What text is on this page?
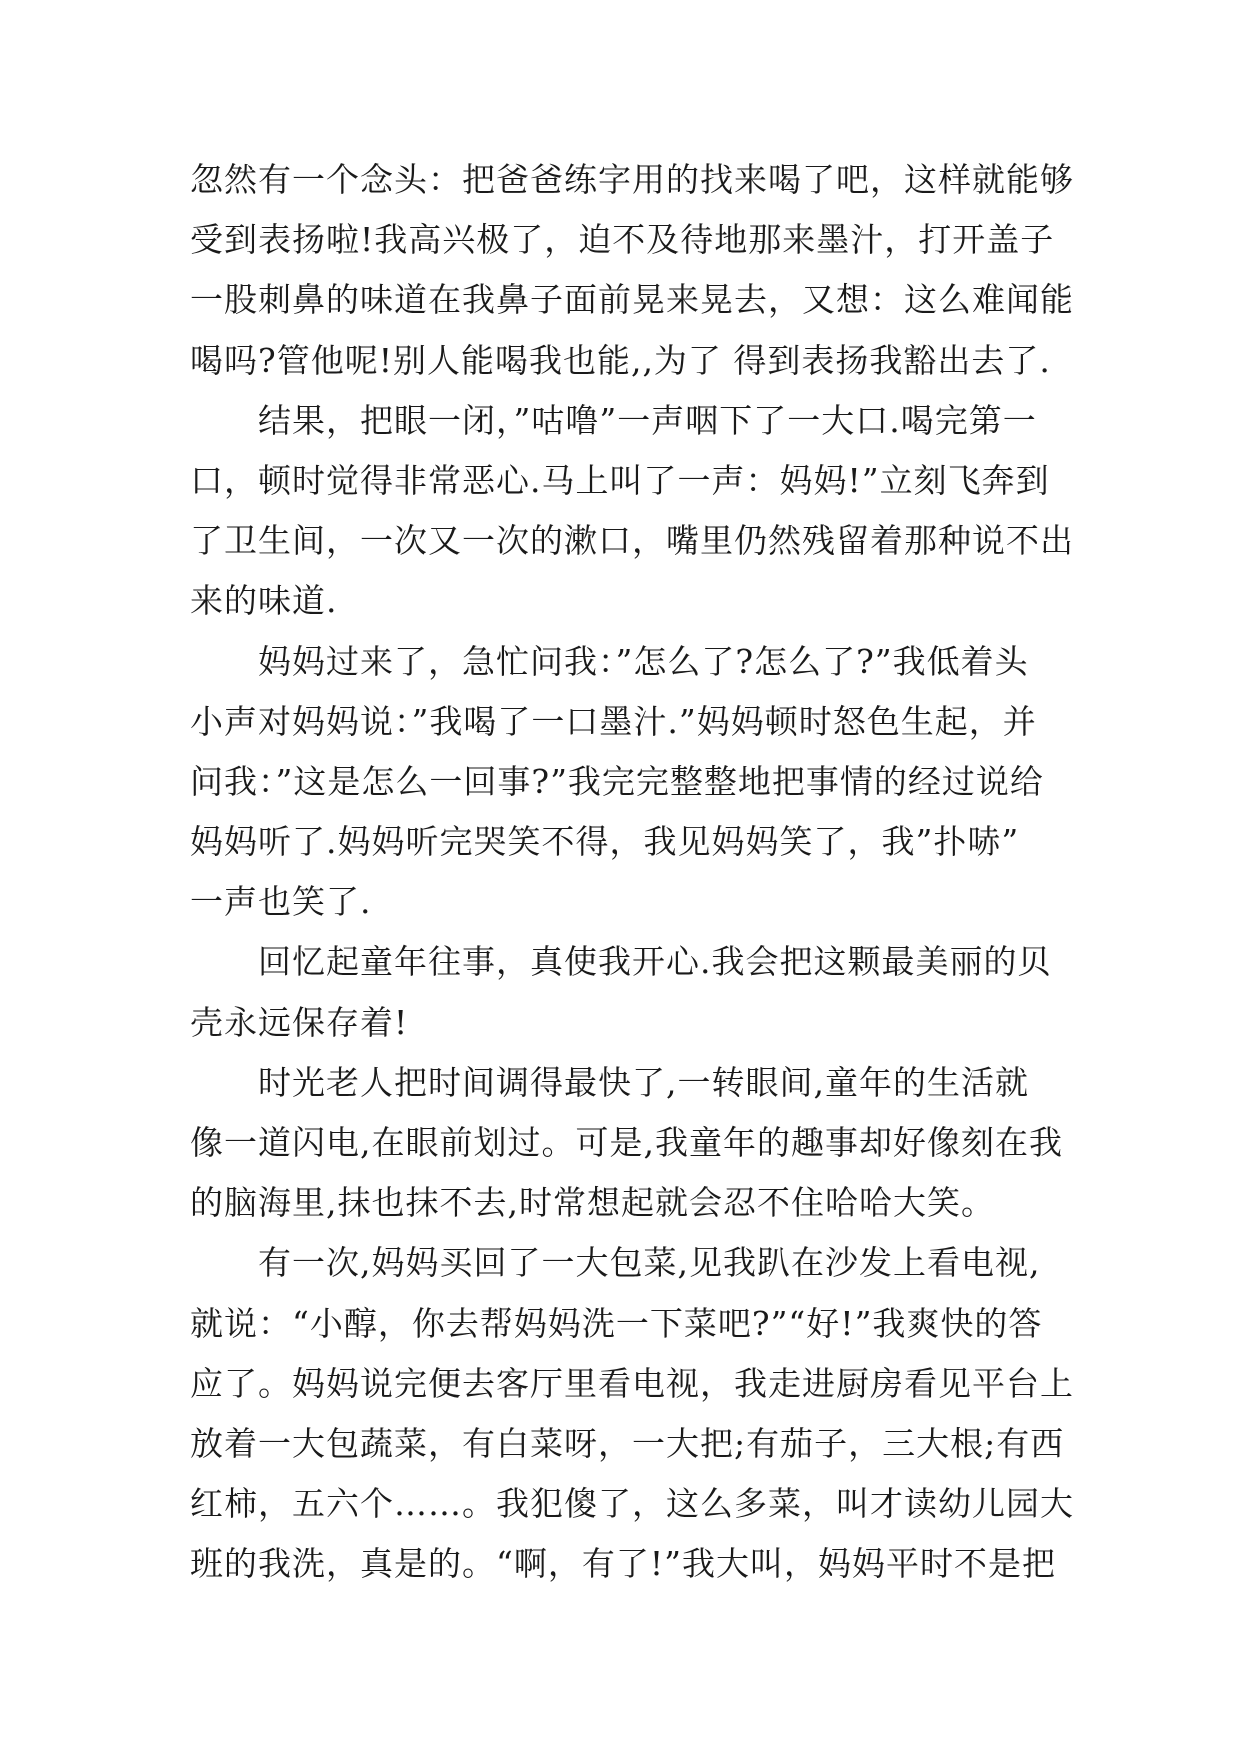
忽然有一个念头：把爸爸练字用的找来喝了吧，这样就能够
受到表扬啦!我高兴极了，迫不及待地那来墨汁，打开盖子
一股刺鼻的味道在我鼻子面前晃来晃去，又想：这么难闻能
喝吗?管他呢!别人能喝我也能,,为了 得到表扬我豁出去了.
　　结果，把眼一闭，”咕噜”一声咽下了一大口.喝完第一
口，顿时觉得非常恶心.马上叫了一声：妈妈!”立刻飞奔到
了卫生间，一次又一次的漱口，嘴里仍然残留着那种说不出
来的味道.
　　妈妈过来了，急忙问我：”怎么了?怎么了?”我低着头
小声对妈妈说：”我喝了一口墨汁.”妈妈顿时怒色生起，并
问我：”这是怎么一回事?”我完完整整地把事情的经过说给
妈妈听了.妈妈听完哭笑不得，我见妈妈笑了，我”扑哧”
一声也笑了.
　　回忆起童年往事，真使我开心.我会把这颗最美丽的贝
壳永远保存着!
　　时光老人把时间调得最快了,一转眼间,童年的生活就
像一道闪电,在眼前划过。可是,我童年的趣事却好像刻在我
的脑海里,抹也抹不去,时常想起就会忍不住哈哈大笑。
　　有一次,妈妈买回了一大包菜,见我趴在沙发上看电视,
就说：“小醇，你去帮妈妈洗一下菜吧?”“好!”我爽快的答
应了。妈妈说完便去客厅里看电视，我走进厨房看见平台上
放着一大包蔬菜，有白菜呀，一大把;有茄子，三大根;有西
红柿，五六个……。我犯傻了，这么多菜，叫才读幼儿园大
班的我洗，真是的。“啊，有了!”我大叫，妈妈平时不是把
